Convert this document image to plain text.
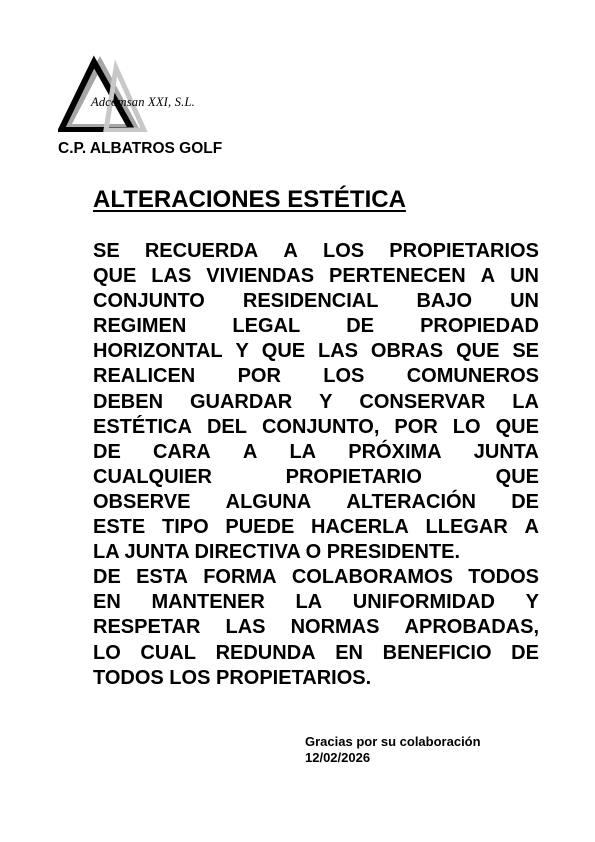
Adcomsan XXI, S.L.
C.P. ALBATROS GOLF
ALTERACIONES ESTÉTICA
SE RECUERDA A LOS PROPIETARIOS
QUE LAS VIVIENDAS PERTENECEN A UN
CONJUNTO RESIDENCIAL BAJO UN
REGIMEN LEGAL DE PROPIEDAD
HORIZONTAL Y QUE LAS OBRAS QUE SE
REALICEN POR LOS COMUNEROS
DEBEN GUARDAR Y CONSERVAR LA
ESTÉTICA DEL CONJUNTO, POR LO QUE
DE CARA A LA PRÓXIMA JUNTA
CUALQUIER	PROPIETARIO	QUE
OBSERVE ALGUNA ALTERACIÓN DE
ESTE TIPO PUEDE HACERLA LLEGAR A
LA JUNTA DIRECTIVA O PRESIDENTE.
DE ESTA FORMA COLABORAMOS TODOS
EN MANTENER LA UNIFORMIDAD Y
RESPETAR LAS NORMAS APROBADAS,
LO CUAL REDUNDA EN BENEFICIO DE
TODOS LOS PROPIETARIOS.
Gracias por su colaboración
12/02/2026
